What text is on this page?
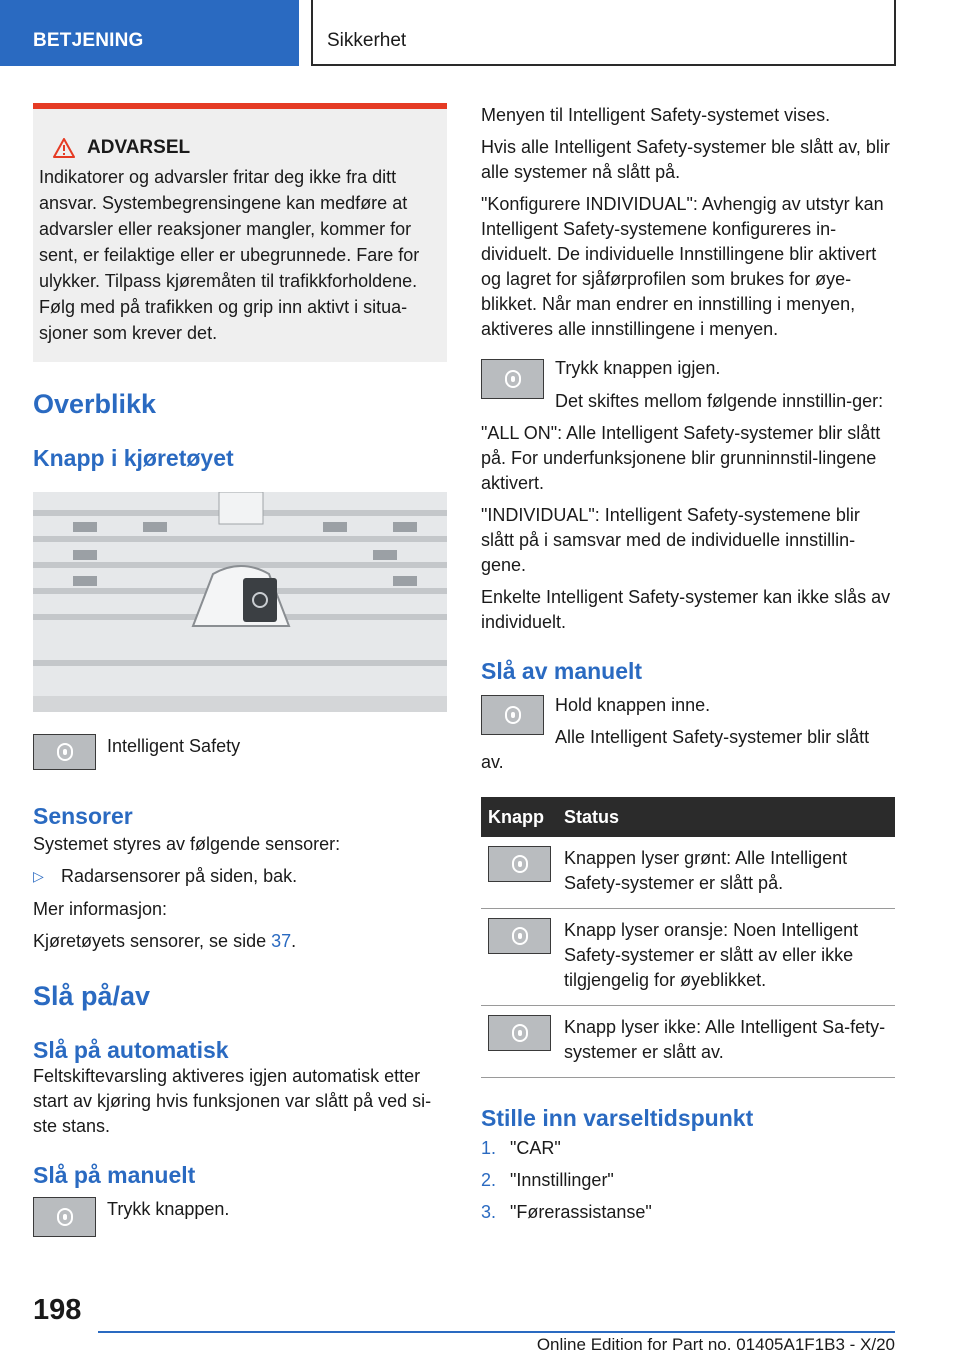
BETJENING	Sikkerhet
ADVARSEL
Indikatorer og advarsler fritar deg ikke fra ditt ansvar. Systembegrensingene kan medføre at advarsler eller reaksjoner mangler, kommer for sent, er feilaktige eller er ubegrunnede. Fare for ulykker. Tilpass kjøremåten til trafikkforholdene. Følg med på trafikken og grip inn aktivt i situa-sjoner som krever det.
Overblikk
Knapp i kjøretøyet
Intelligent Safety
Sensorer

Systemet styres av følgende sensorer:

▷ Radarsensorer på siden, bak.

Mer informasjon:

Kjøretøyets sensorer, se side 37.

Slå på/av
Slå på automatisk

Feltskiftevarsling aktiveres igjen automatisk etter start av kjøring hvis funksjonen var slått på ved si-ste stans.

Slå på manuelt
Trykk knappen.

Menyen til Intelligent Safety-systemet vises.

Hvis alle Intelligent Safety-systemer ble slått av, blir alle systemer nå slått på.

"Konfigurere INDIVIDUAL": Avhengig av utstyr kan Intelligent Safety-systemene konfigureres in-dividuelt. De individuelle Innstillingene blir aktivert og lagret for sjåførprofilen som brukes for øye-blikket. Når man endrer en innstilling i menyen, aktiveres alle innstillingene i menyen.

Trykk knappen igjen.

Det skiftes mellom følgende innstillin-ger:

"ALL ON": Alle Intelligent Safety-systemer blir slått på. For underfunksjonene blir grunninnstil-lingene aktivert.

"INDIVIDUAL": Intelligent Safety-systemene blir slått på i samsvar med de individuelle innstillin-gene.

Enkelte Intelligent Safety-systemer kan ikke slås av individuelt.

Slå av manuelt

Hold knappen inne.

Alle Intelligent Safety-systemer blir slått av.

Knapp	Status

	Knappen lyser grønt: Alle Intelligent Safety-systemer er slått på.

	Knapp lyser oransje: Noen Intelligent Safety-systemer er slått av eller ikke tilgjengelig for øyeblikket.

	Knapp lyser ikke: Alle Intelligent Sa-fety-systemer er slått av.
Stille inn varseltidspunkt
1. "CAR"
2. "Innstillinger"
3. "Førerassistanse"
198
Online Edition for Part no. 01405A1F1B3 - X/20
